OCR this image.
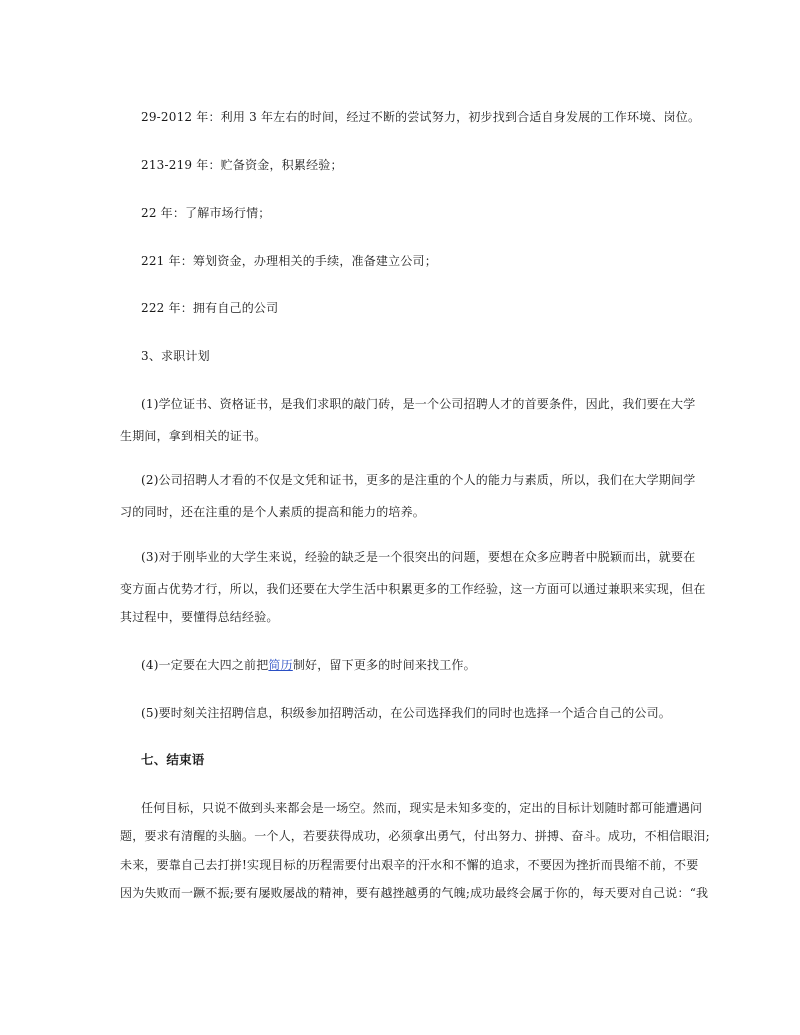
29-2012 年：利用 3 年左右的时间，经过不断的尝试努力，初步找到合适自身发展的工作环境、岗位。
213-219 年：贮备资金，积累经验；
22 年：了解市场行情；
221 年：筹划资金，办理相关的手续，准备建立公司；
222 年：拥有自己的公司
3、求职计划
(1)学位证书、资格证书，是我们求职的敲门砖，是一个公司招聘人才的首要条件，因此，我们要在大学
生期间，拿到相关的证书。
(2)公司招聘人才看的不仅是文凭和证书，更多的是注重的个人的能力与素质，所以，我们在大学期间学
习的同时，还在注重的是个人素质的提高和能力的培养。
(3)对于刚毕业的大学生来说，经验的缺乏是一个很突出的问题，要想在众多应聘者中脱颖而出，就要在
变方面占优势才行，所以，我们还要在大学生活中积累更多的工作经验，这一方面可以通过兼职来实现，但在
其过程中，要懂得总结经验。
(4)一定要在大四之前把简历制好，留下更多的时间来找工作。
(5)要时刻关注招聘信息，积级参加招聘活动，在公司选择我们的同时也选择一个适合自己的公司。
七、结束语
任何目标，只说不做到头来都会是一场空。然而，现实是未知多变的，定出的目标计划随时都可能遭遇问
题，要求有清醒的头脑。一个人，若要获得成功，必须拿出勇气，付出努力、拼搏、奋斗。成功，不相信眼泪;
未来，要靠自己去打拼!实现目标的历程需要付出艰辛的汗水和不懈的追求，不要因为挫折而畏缩不前，不要
因为失败而一蹶不振;要有屡败屡战的精神，要有越挫越勇的气魄;成功最终会属于你的，每天要对自己说：“我
